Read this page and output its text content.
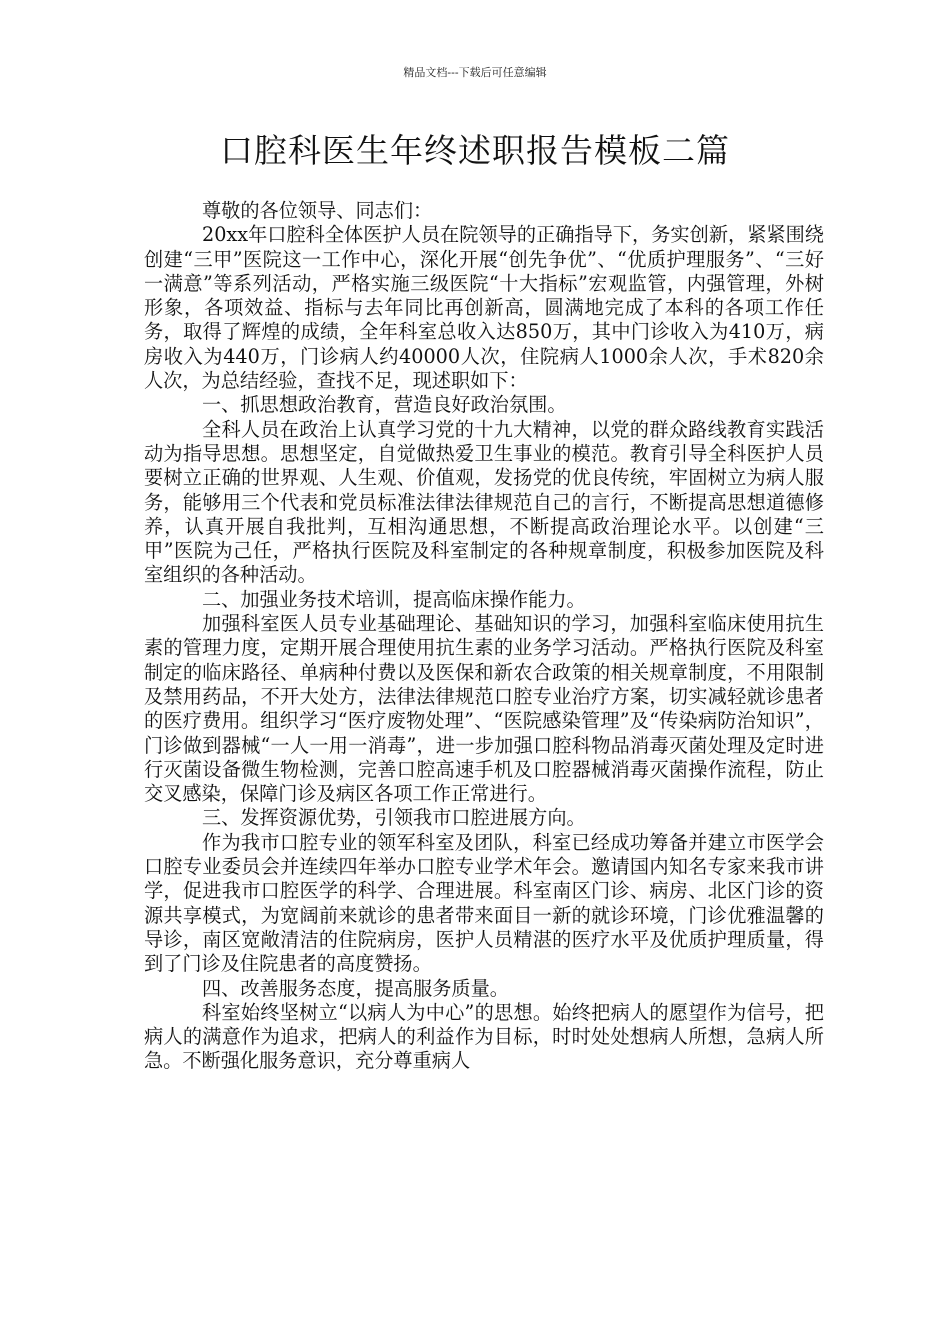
精品文档---下载后可任意编辑
口腔科医生年终述职报告模板二篇

尊敬的各位领导、同志们：

20xx年口腔科全体医护人员在院领导的正确指导下，务实创新，紧紧围绕创建“三甲”医院这一工作中心，深化开展“创先争优”、“优质护理服务”、“三好一满意”等系列活动，严格实施三级医院“十大指标”宏观监管，内强管理，外树形象，各项效益、指标与去年同比再创新高，圆满地完成了本科的各项工作任务，取得了辉煌的成绩，全年科室总收入达850万，其中门诊收入为410万，病房收入为440万，门诊病人约40000人次，住院病人1000余人次，手术820余人次，为总结经验，查找不足，现述职如下：

一、抓思想政治教育，营造良好政治氛围。

全科人员在政治上认真学习党的十九大精神，以党的群众路线教育实践活动为指导思想。思想坚定，自觉做热爱卫生事业的模范。教育引导全科医护人员要树立正确的世界观、人生观、价值观，发扬党的优良传统，牢固树立为病人服务，能够用三个代表和党员标准法律法律规范自己的言行，不断提高思想道德修养，认真开展自我批判，互相沟通思想，不断提高政治理论水平。以创建“三甲”医院为己任，严格执行医院及科室制定的各种规章制度，积极参加医院及科室组织的各种活动。

二、加强业务技术培训，提高临床操作能力。

加强科室医人员专业基础理论、基础知识的学习，加强科室临床使用抗生素的管理力度，定期开展合理使用抗生素的业务学习活动。严格执行医院及科室制定的临床路径、单病种付费以及医保和新农合政策的相关规章制度，不用限制及禁用药品，不开大处方，法律法律规范口腔专业治疗方案，切实减轻就诊患者的医疗费用。组织学习“医疗废物处理”、“医院感染管理”及“传染病防治知识”，门诊做到器械“一人一用一消毒”，进一步加强口腔科物品消毒灭菌处理及定时进行灭菌设备微生物检测，完善口腔高速手机及口腔器械消毒灭菌操作流程，防止交叉感染，保障门诊及病区各项工作正常进行。

三、发挥资源优势，引领我市口腔进展方向。

作为我市口腔专业的领军科室及团队，科室已经成功筹备并建立市医学会口腔专业委员会并连续四年举办口腔专业学术年会。邀请国内知名专家来我市讲学，促进我市口腔医学的科学、合理进展。科室南区门诊、病房、北区门诊的资源共享模式，为宽阔前来就诊的患者带来面目一新的就诊环境，门诊优雅温馨的导诊，南区宽敞清洁的住院病房，医护人员精湛的医疗水平及优质护理质量，得到了门诊及住院患者的高度赞扬。

四、改善服务态度，提高服务质量。

科室始终坚树立“以病人为中心”的思想。始终把病人的愿望作为信号，把病人的满意作为追求，把病人的利益作为目标，时时处处想病人所想，急病人所急。不断强化服务意识，充分尊重病人
